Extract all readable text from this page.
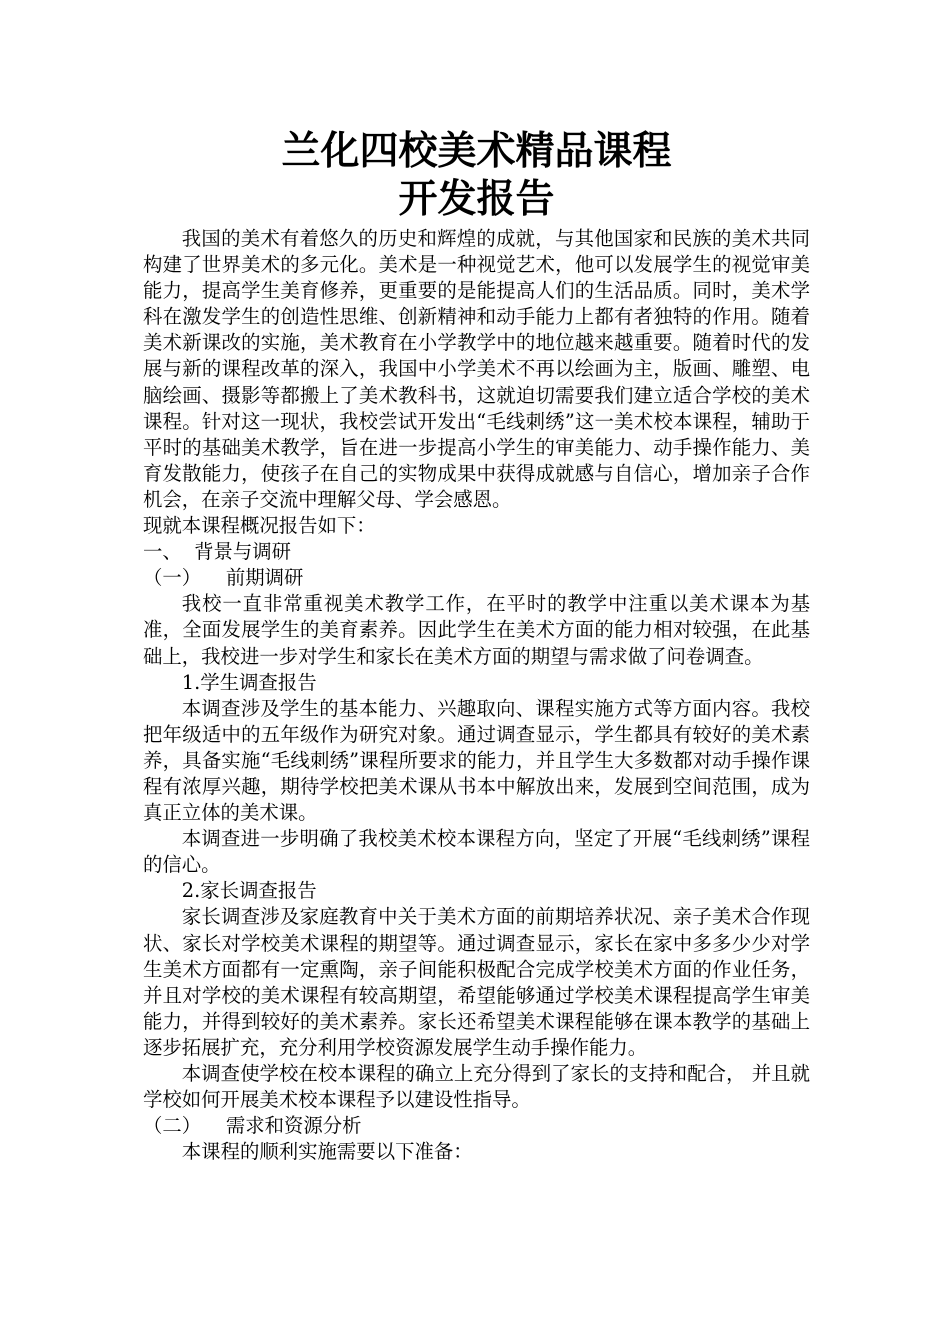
兰化四校美术精品课程
开发报告

我国的美术有着悠久的历史和辉煌的成就，与其他国家和民族的美术共同构建了世界美术的多元化。美术是一种视觉艺术，他可以发展学生的视觉审美能力，提高学生美育修养，更重要的是能提高人们的生活品质。同时，美术学科在激发学生的创造性思维、创新精神和动手能力上都有者独特的作用。随着美术新课改的实施，美术教育在小学教学中的地位越来越重要。随着时代的发展与新的课程改革的深入，我国中小学美术不再以绘画为主，版画、雕塑、电脑绘画、摄影等都搬上了美术教科书，这就迫切需要我们建立适合学校的美术课程。针对这一现状，我校尝试开发出“毛线刺绣”这一美术校本课程，辅助于平时的基础美术教学，旨在进一步提高小学生的审美能力、动手操作能力、美育发散能力，使孩子在自己的实物成果中获得成就感与自信心，增加亲子合作机会，在亲子交流中理解父母、学会感恩。

现就本课程概况报告如下：

一、  背景与调研

（一）    前期调研

我校一直非常重视美术教学工作，在平时的教学中注重以美术课本为基准，全面发展学生的美育素养。因此学生在美术方面的能力相对较强，在此基础上，我校进一步对学生和家长在美术方面的期望与需求做了问卷调查。

1.学生调查报告

本调查涉及学生的基本能力、兴趣取向、课程实施方式等方面内容。我校把年级适中的五年级作为研究对象。通过调查显示，学生都具有较好的美术素养，具备实施“毛线刺绣”课程所要求的能力，并且学生大多数都对动手操作课程有浓厚兴趣，期待学校把美术课从书本中解放出来，发展到空间范围，成为真正立体的美术课。

本调查进一步明确了我校美术校本课程方向，坚定了开展“毛线刺绣”课程的信心。

2.家长调查报告

家长调查涉及家庭教育中关于美术方面的前期培养状况、亲子美术合作现状、家长对学校美术课程的期望等。通过调查显示，家长在家中多多少少对学生美术方面都有一定熏陶，亲子间能积极配合完成学校美术方面的作业任务，并且对学校的美术课程有较高期望，希望能够通过学校美术课程提高学生审美能力，并得到较好的美术素养。家长还希望美术课程能够在课本教学的基础上逐步拓展扩充，充分利用学校资源发展学生动手操作能力。

本调查使学校在校本课程的确立上充分得到了家长的支持和配合， 并且就学校如何开展美术校本课程予以建设性指导。

（二）    需求和资源分析

本课程的顺利实施需要以下准备：
